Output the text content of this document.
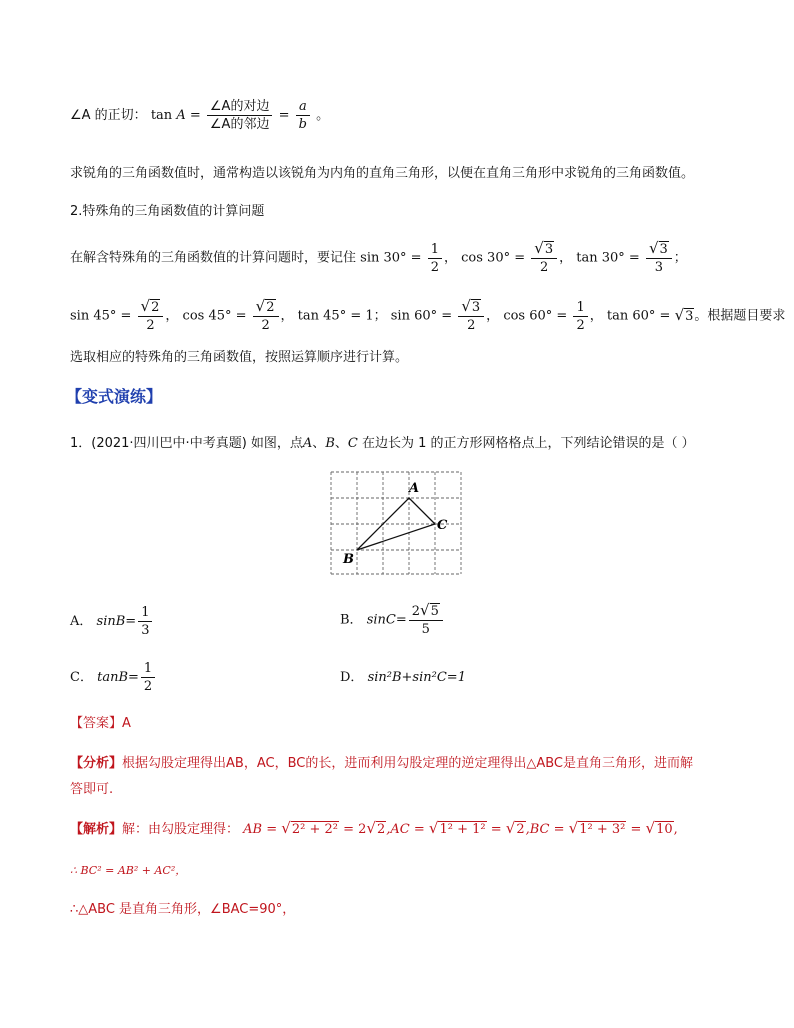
∠A 的正切： $\tan A = \frac{\text{∠A的对边}}{\text{∠A的邻边}} = \frac{a}{b}$ 。
求锐角的三角函数值时，通常构造以该锐角为内角的直角三角形，以便在直角三角形中求锐角的三角函数值。
2.特殊角的三角函数值的计算问题
在解含特殊角的三角函数值的计算问题时，要记住 $\sin 30^\circ = \frac{1}{2}$ ， $\cos 30^\circ = \frac{√3}{2}$ ， $\tan 30^\circ = \frac{√3}{3}$ ；
$\sin 45^\circ = \frac{√2}{2}$ ， $\cos 45^\circ = \frac{√2}{2}$ ， tan 45° = 1； $\sin 60^\circ = \frac{√3}{2}$ ， $\cos 60^\circ = \frac{1}{2}$ ， tan 60° = √3。根据题目要求
选取相应的特殊角的三角函数值，按照运算顺序进行计算。
【变式演练】
1．(2021·四川巴中·中考真题) 如图，点A、B、C 在边长为 1 的正方形网格格点上，下列结论错误的是（ ）
A
C
B
A． $\sin B= \frac{1}{3}$	B． $\sin C= \frac{2√5}{5}$
C． $\tan B= \frac{1}{2}$	D． sin²B+sin²C=1
【答案】A
【分析】根据勾股定理得出AB，AC，BC的长，进而利用勾股定理的逆定理得出△ABC是直角三角形，进而解
答即可.
【解析】解：由勾股定理得： AB = √2² + 2² = 2√2,AC = √1² + 1² = √2,BC = √1² + 3² = √10,
∴ BC² = AB² + AC²，
∴△ABC 是直角三角形，∠BAC=90°，
